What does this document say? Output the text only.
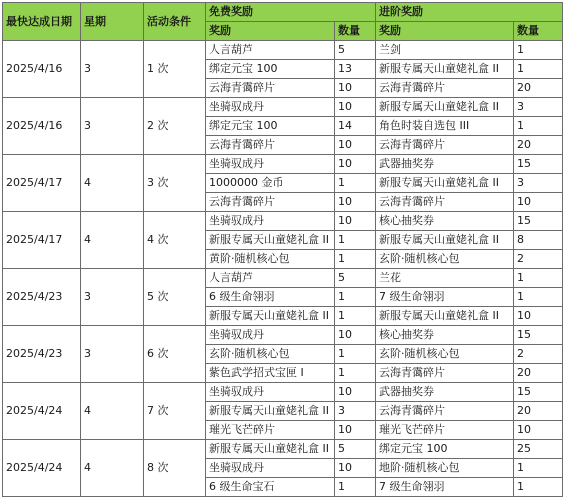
最快达成日期	星期	活动条件	免费奖励		进阶奖励	
			奖励	数量	奖励	数量
2025/4/16	3	1 次	人言葫芦	5	兰剑	1
			绑定元宝 100	13	新服专属天山童姥礼盒 II	1
			云海青霭碎片	10	云海青霭碎片	20
2025/4/16	3	2 次	坐骑驭成丹	10	新服专属天山童姥礼盒 II	3
			绑定元宝 100	14	角色时装自选包 III	1
			云海青霭碎片	10	云海青霭碎片	20
2025/4/17	4	3 次	坐骑驭成丹	10	武器抽奖券	15
			1000000 金币	1	新服专属天山童姥礼盒 II	3
			云海青霭碎片	10	云海青霭碎片	10
2025/4/17	4	4 次	坐骑驭成丹	10	核心抽奖券	15
			新服专属天山童姥礼盒 II	1	新服专属天山童姥礼盒 II	8
			黄阶·随机核心包	1	玄阶·随机核心包	2
2025/4/23	3	5 次	人言葫芦	5	兰花	1
			6 级生命翎羽	1	7 级生命翎羽	1
			新服专属天山童姥礼盒 II	1	新服专属天山童姥礼盒 II	10
2025/4/23	3	6 次	坐骑驭成丹	10	核心抽奖券	15
			玄阶·随机核心包	1	玄阶·随机核心包	2
			紫色武学招式宝匣 I	1	云海青霭碎片	20
2025/4/24	4	7 次	坐骑驭成丹	10	武器抽奖券	15
			新服专属天山童姥礼盒 II	3	云海青霭碎片	20
			璀光飞芒碎片	10	璀光飞芒碎片	10
2025/4/24	4	8 次	新服专属天山童姥礼盒 II	5	绑定元宝 100	25
			坐骑驭成丹	10	地阶·随机核心包	1
			6 级生命宝石	1	7 级生命翎羽	1
